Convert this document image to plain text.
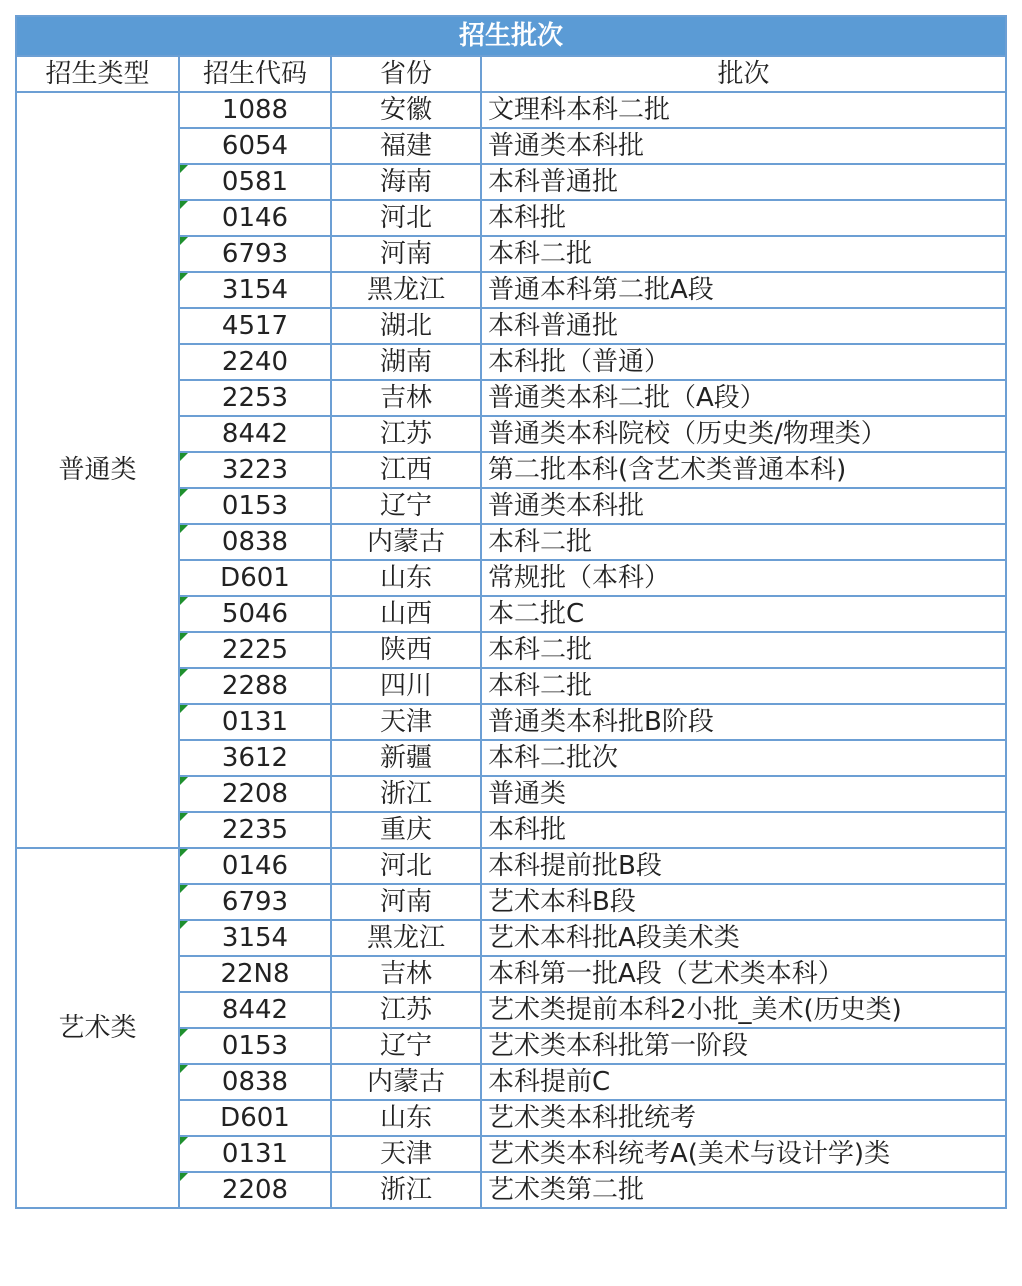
招生批次			
招生类型	招生代码	省份	批次
普通类	1088	安徽	文理科本科二批
	6054	福建	普通类本科批
	0581	海南	本科普通批
	0146	河北	本科批
	6793	河南	本科二批
	3154	黑龙江	普通本科第二批A段
	4517	湖北	本科普通批
	2240	湖南	本科批（普通）
	2253	吉林	普通类本科二批（A段）
	8442	江苏	普通类本科院校（历史类/物理类）
	3223	江西	第二批本科(含艺术类普通本科)
	0153	辽宁	普通类本科批
	0838	内蒙古	本科二批
	D601	山东	常规批（本科）
	5046	山西	本二批C
	2225	陕西	本科二批
	2288	四川	本科二批
	0131	天津	普通类本科批B阶段
	3612	新疆	本科二批次
	2208	浙江	普通类
	2235	重庆	本科批
艺术类	0146	河北	本科提前批B段
	6793	河南	艺术本科B段
	3154	黑龙江	艺术本科批A段美术类
	22N8	吉林	本科第一批A段（艺术类本科）
	8442	江苏	艺术类提前本科2小批_美术(历史类)
	0153	辽宁	艺术类本科批第一阶段
	0838	内蒙古	本科提前C
	D601	山东	艺术类本科批统考
	0131	天津	艺术类本科统考A(美术与设计学)类
	2208	浙江	艺术类第二批
